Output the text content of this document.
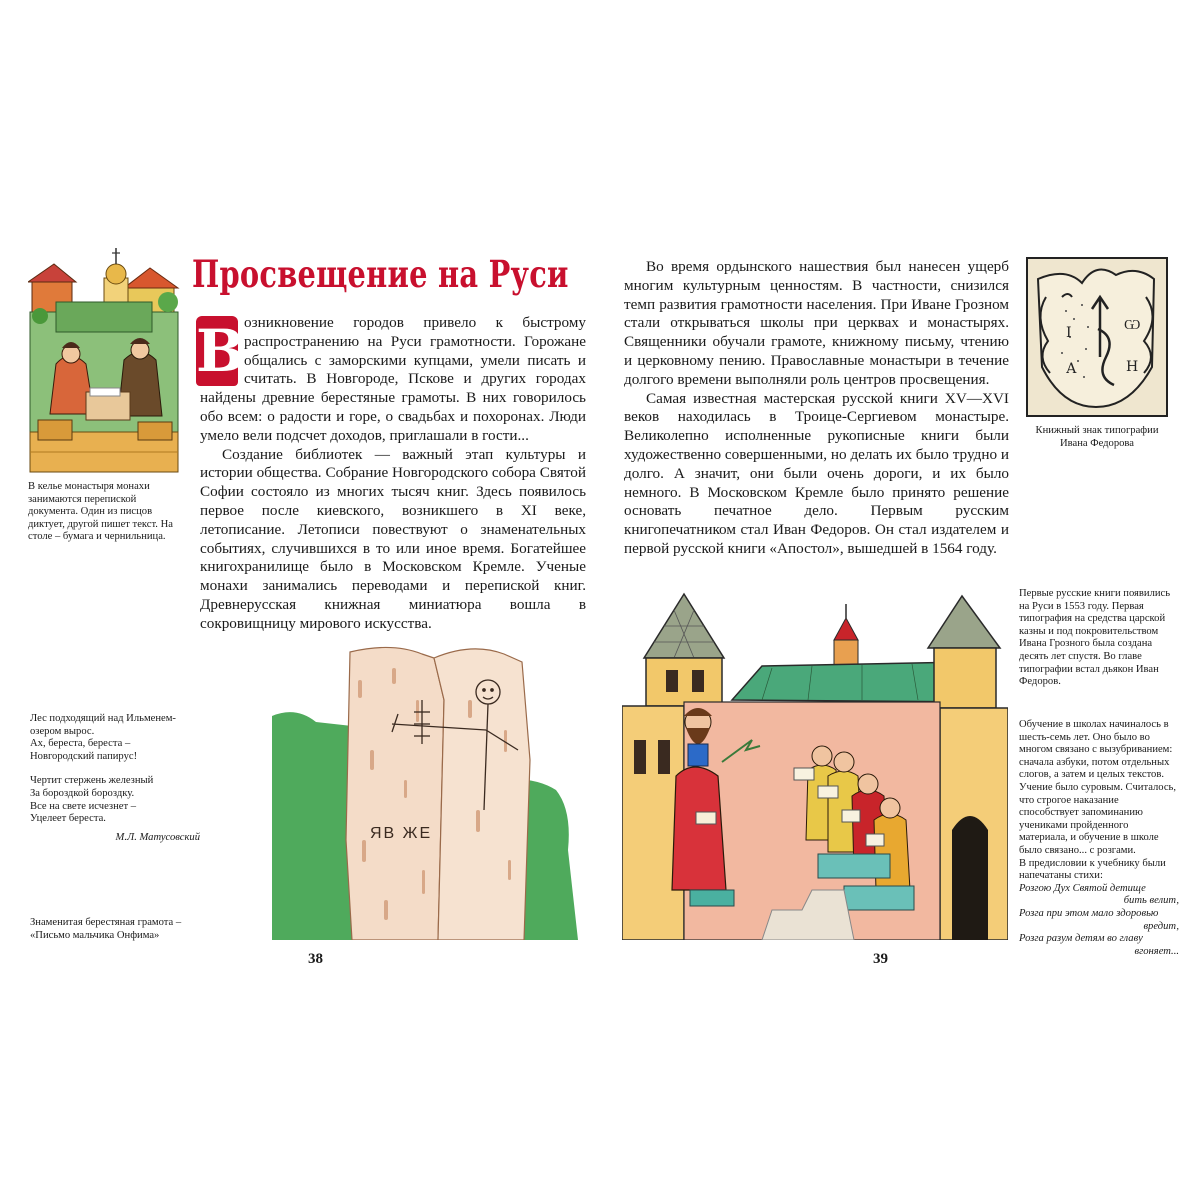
В келье монастыря монахи занимаются перепиской документа. Один из писцов диктует, другой пишет текст. На столе – бумага и чернильница.

Просвещение на Руси
В

озникновение городов привело к быстрому распространению на Руси грамотности. Горожане общались с заморскими купцами, умели писать и считать. В Новгороде, Пскове и других городах найдены древние берестяные грамоты. В них говорилось обо всем: о радости и горе, о свадьбах и похоронах. Люди умело вели подсчет доходов, приглашали в гости...

Создание библиотек — важный этап культуры и истории общества. Собрание Новгородского собора Святой Софии состояло из многих тысяч книг. Здесь появилось первое после киевского, возникшего в XI веке, летописание. Летописи повествуют о знаменательных событиях, случившихся в то или иное время. Богатейшее книгохранилище было в Московском Кремле. Ученые монахи занимались переводами и перепиской книг. Древнерусская книжная миниатюра вошла в сокровищницу мирового искусства.

Лес подходящий над Ильменем-

озером вырос.

Ах, береста, береста –

Новгородский папирус!

Чертит стержень железный

За бороздкой бороздку.

Все на свете исчезнет –

Уцелеет береста.

М.Л. Матусовский	ЯВ ЖЕ

Знаменитая берестяная грамота –

«Письмо мальчика Онфима»

38

Во время ордынского нашествия был нанесен ущерб многим культурным ценностям. В частности, снизился темп развития грамотности населения. При Иване Грозном стали открываться школы при церквах и монастырях. Священники обучали грамоте, книжному письму, чтению и церковному пению. Православные монастыри в течение долгого времени выполняли роль центров просвещения.

Самая известная мастерская русской книги XV—XVI веков находилась в Троице-Сергиевом монастыре. Великолепно исполненные рукописные книги были художественно совершенными, но делать их было трудно и долго. А значит, они были очень дороги, и их было немного. В Московском Кремле было принято решение основать печатное дело. Первым русским книгопечатником стал Иван Федоров. Он стал издателем и первой русской книги «Апостол», вышедшей в 1564 году.

І	Ѡ
А	Н

Книжный знак типографии

Ивана Федорова

Первые русские книги появились на Руси в 1553 году. Первая типография на средства царской казны и под покровительством Ивана Грозного была создана десять лет спустя. Во главе типографии встал дьякон Иван Федоров.

Обучение в школах начиналось в шесть-семь лет. Оно было во многом связано с вызубриванием: сначала азбуки, потом отдельных слогов, а затем и целых текстов. Учение было суровым. Считалось, что строгое наказание способствует запоминанию учениками пройденного материала, и обучение в школе было связано... с розгами.

В предисловии к учебнику были напечатаны стихи:

Розгою Дух Святой детище

бить велит,

Розга при этом мало здоровью

вредит,

Розга разум детям во главу

вгоняет...

39
